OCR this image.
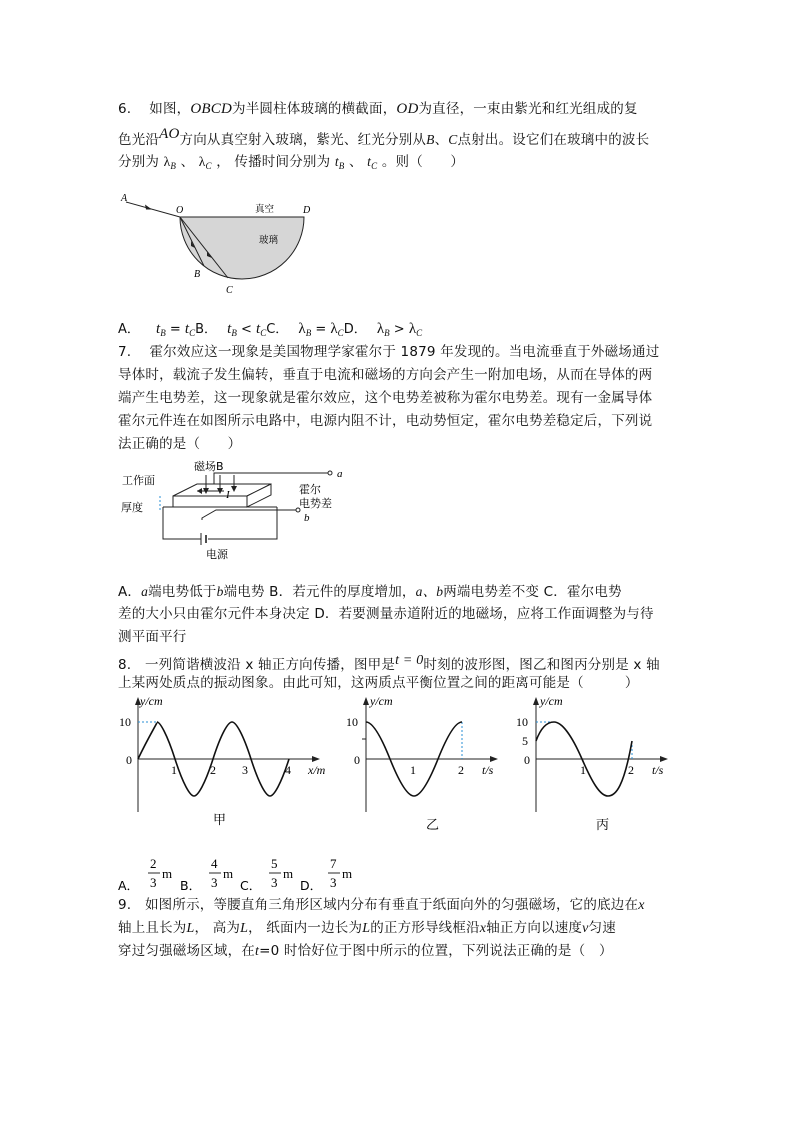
6. 如图，OBCD为半圆柱体玻璃的横截面，OD为直径，一束由紫光和红光组成的复
色光沿AO方向从真空射入玻璃，紫光、红光分别从B、C点射出。设它们在玻璃中的波长
分别为 $\lambda_B$ 、 $\lambda_C$ ， 传播时间分别为 $t_B$ 、 $t_C$ 。则（　　）
A
O	D
B
C
真空
玻璃
A． $t_B = t_CB$． $t_B < t_CC$． $\lambda_B = \lambda_CD$． $\lambda_B > \lambda_C$
7.　 霍尔效应这一现象是美国物理学家霍尔于 1879 年发现的。当电流垂直于外磁场通过
导体时，载流子发生偏转，垂直于电流和磁场的方向会产生一附加电场，从而在导体的两
端产生电势差，这一现象就是霍尔效应，这个电势差被称为霍尔电势差。现有一金属导体
霍尔元件连在如图所示电路中，电源内阻不计，电动势恒定，霍尔电势差稳定后，下列说
法正确的是（　　）
磁场B
工作面
厚度
I	霍尔
电势差
电源
a
b
A．a端电势低于b端电势 B．若元件的厚度增加，a、b两端电势差不变 C．霍尔电势
差的大小只由霍尔元件本身决定 D．若要测量赤道附近的地磁场，应将工作面调整为与待
测平面平行
8.　一列简谐横波沿 x 轴正方向传播，图甲是t = 0时刻的波形图，图乙和图丙分别是 x 轴
上某两处质点的振动图象。由此可知，这两质点平衡位置之间的距离可能是（　　　）
y/cm
x/m
10
0
1	2 3	4
甲
y/cm
t/s
10
0
1	2
乙
y/cm
t/s
10
5
0
1	2
丙
A．
2
3
m
B．
4
3
m
C．
5
3
m
D．
7
3
m
9.　如图所示，等腰直角三角形区域内分布有垂直于纸面向外的匀强磁场，它的底边在x
轴上且长为L， 高为L， 纸面内一边长为L的正方形导线框沿x轴正方向以速度v匀速
穿过匀强磁场区域，在t=0 时恰好位于图中所示的位置，下列说法正确的是（　）
